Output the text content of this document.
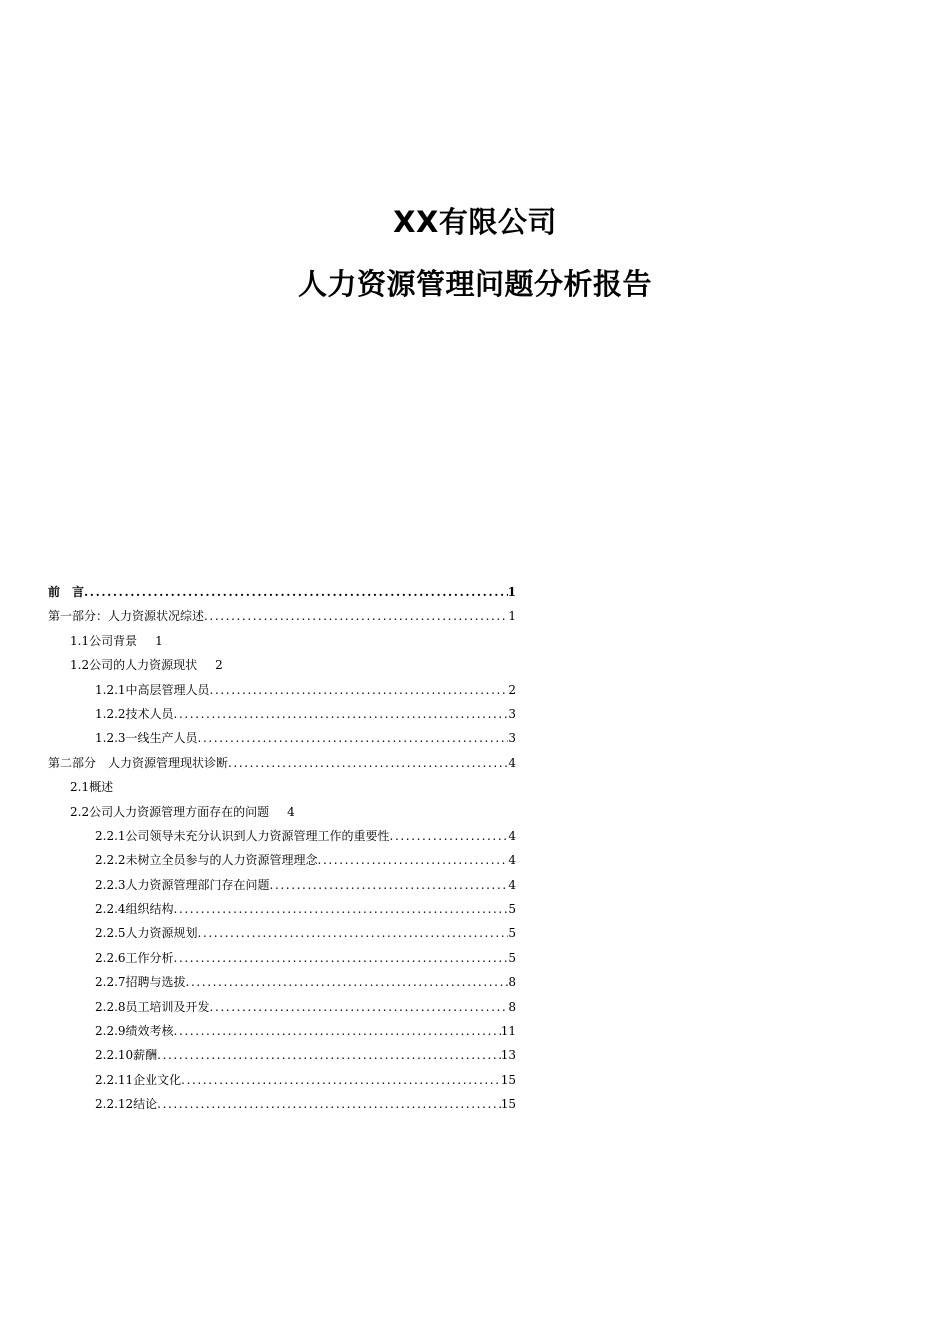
XX有限公司
人力资源管理问题分析报告
前　言 .....	1
第一部分：人力资源状况综述 .....	1
1.1公司背景 1
1.2公司的人力资源现状 2
1.2.1中高层管理人员 .....	2
1.2.2技术人员 .....	3
1.2.3一线生产人员 .....	3
第二部分　人力资源管理现状诊断 .....	4
2.1概述
2.2公司人力资源管理方面存在的问题 4
2.2.1公司领导未充分认识到人力资源管理工作的重要性 .....	4
2.2.2未树立全员参与的人力资源管理理念 .....	4
2.2.3人力资源管理部门存在问题 .....	4
2.2.4组织结构 .....	5
2.2.5人力资源规划 .....	5
2.2.6工作分析 .....	5
2.2.7招聘与选拔 .....	8
2.2.8员工培训及开发 .....	8
2.2.9绩效考核 .....	11
2.2.10薪酬 .....	13
2.2.11企业文化 .....	15
2.2.12结论 .....	15
